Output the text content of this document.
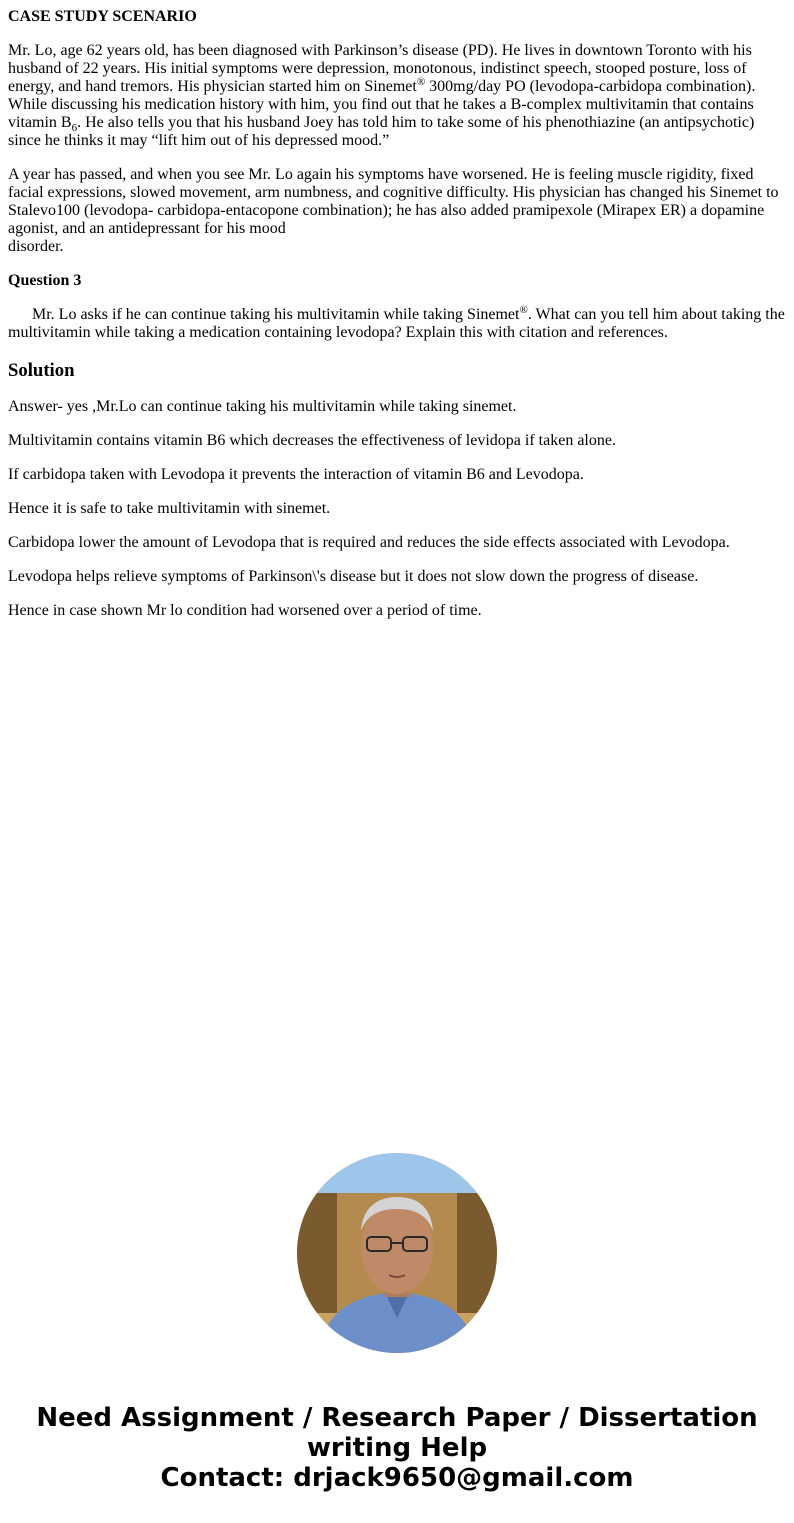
CASE STUDY SCENARIO

Mr. Lo, age 62 years old, has been diagnosed with Parkinson’s disease (PD). He lives in downtown Toronto with his husband of 22 years. His initial symptoms were depression, monotonous, indistinct speech, stooped posture, loss of energy, and hand tremors. His physician started him on Sinemet® 300mg/day PO (levodopa-carbidopa combination). While discussing his medication history with him, you find out that he takes a B-complex multivitamin that contains vitamin $B_6$. He also tells you that his husband Joey has told him to take some of his phenothiazine (an antipsychotic) since he thinks it may “lift him out of his depressed mood.”

A year has passed, and when you see Mr. Lo again his symptoms have worsened. He is feeling muscle rigidity, fixed facial expressions, slowed movement, arm numbness, and cognitive difficulty. His physician has changed his Sinemet to Stalevo100 (levodopa- carbidopa-entacopone combination); he has also added pramipexole (Mirapex ER) a dopamine agonist, and an antidepressant for his mood
disorder.

Question 3

Mr. Lo asks if he can continue taking his multivitamin while taking Sinemet®. What can you tell him about taking the multivitamin while taking a medication containing levodopa? Explain this with citation and references.

Solution

Answer- yes ,Mr.Lo can continue taking his multivitamin while taking sinemet.

Multivitamin contains vitamin B6 which decreases the effectiveness of levidopa if taken alone.

If carbidopa taken with Levodopa it prevents the interaction of vitamin B6 and Levodopa.

Hence it is safe to take multivitamin with sinemet.

Carbidopa lower the amount of Levodopa that is required and reduces the side effects associated with Levodopa.

Levodopa helps relieve symptoms of Parkinson\'s disease but it does not slow down the progress of disease.

Hence in case shown Mr lo condition had worsened over a period of time.

Need Assignment / Research Paper / Dissertation
writing Help
Contact: drjack9650@gmail.com
